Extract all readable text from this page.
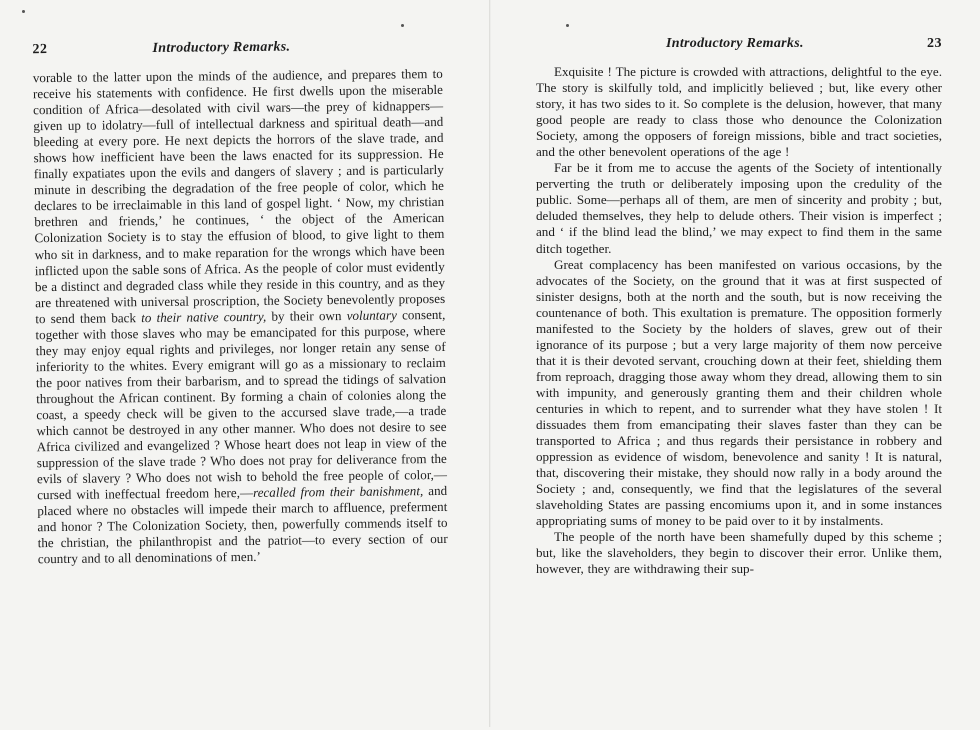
22	Introductory Remarks.

vorable to the latter upon the minds of the audience, and prepares them to receive his statements with confidence. He first dwells upon the miserable condition of Africa—desolated with civil wars—the prey of kidnappers—given up to idolatry—full of intellectual darkness and spiritual death—and bleeding at every pore. He next depicts the horrors of the slave trade, and shows how inefficient have been the laws enacted for its suppression. He finally expatiates upon the evils and dangers of slavery ; and is particularly minute in describing the degradation of the free people of color, which he declares to be irreclaimable in this land of gospel light. ‘ Now, my christian brethren and friends,’ he continues, ‘ the object of the American Colonization Society is to stay the effusion of blood, to give light to them who sit in darkness, and to make reparation for the wrongs which have been inflicted upon the sable sons of Africa. As the people of color must evidently be a distinct and degraded class while they reside in this country, and as they are threatened with universal proscription, the Society benevolently proposes to send them back to their native country, by their own voluntary consent, together with those slaves who may be emancipated for this purpose, where they may enjoy equal rights and privileges, nor longer retain any sense of inferiority to the whites. Every emigrant will go as a missionary to reclaim the poor natives from their barbarism, and to spread the tidings of salvation throughout the African continent. By forming a chain of colonies along the coast, a speedy check will be given to the accursed slave trade,—a trade which cannot be destroyed in any other manner. Who does not desire to see Africa civilized and evangelized ? Whose heart does not leap in view of the suppression of the slave trade ? Who does not pray for deliverance from the evils of slavery ? Who does not wish to behold the free people of color,—cursed with ineffectual freedom here,—recalled from their banishment, and placed where no obstacles will impede their march to affluence, preferment and honor ? The Colonization Society, then, powerfully commends itself to the christian, the philanthropist and the patriot—to every section of our country and to all denominations of men.’

Introductory Remarks.	23

Exquisite ! The picture is crowded with attractions, delightful to the eye. The story is skilfully told, and implicitly believed ; but, like every other story, it has two sides to it. So complete is the delusion, however, that many good people are ready to class those who denounce the Colonization Society, among the opposers of foreign missions, bible and tract societies, and the other benevolent operations of the age !

Far be it from me to accuse the agents of the Society of intentionally perverting the truth or deliberately imposing upon the credulity of the public. Some—perhaps all of them, are men of sincerity and probity ; but, deluded themselves, they help to delude others. Their vision is imperfect ; and ‘ if the blind lead the blind,’ we may expect to find them in the same ditch together.

Great complacency has been manifested on various occasions, by the advocates of the Society, on the ground that it was at first suspected of sinister designs, both at the north and the south, but is now receiving the countenance of both. This exultation is premature. The opposition formerly manifested to the Society by the holders of slaves, grew out of their ignorance of its purpose ; but a very large majority of them now perceive that it is their devoted servant, crouching down at their feet, shielding them from reproach, dragging those away whom they dread, allowing them to sin with impunity, and generously granting them and their children whole centuries in which to repent, and to surrender what they have stolen ! It dissuades them from emancipating their slaves faster than they can be transported to Africa ; and thus regards their persistance in robbery and oppression as evidence of wisdom, benevolence and sanity ! It is natural, that, discovering their mistake, they should now rally in a body around the Society ; and, consequently, we find that the legislatures of the several slaveholding States are passing encomiums upon it, and in some instances appropriating sums of money to be paid over to it by instalments.

The people of the north have been shamefully duped by this scheme ; but, like the slaveholders, they begin to discover their error. Unlike them, however, they are withdrawing their sup-
